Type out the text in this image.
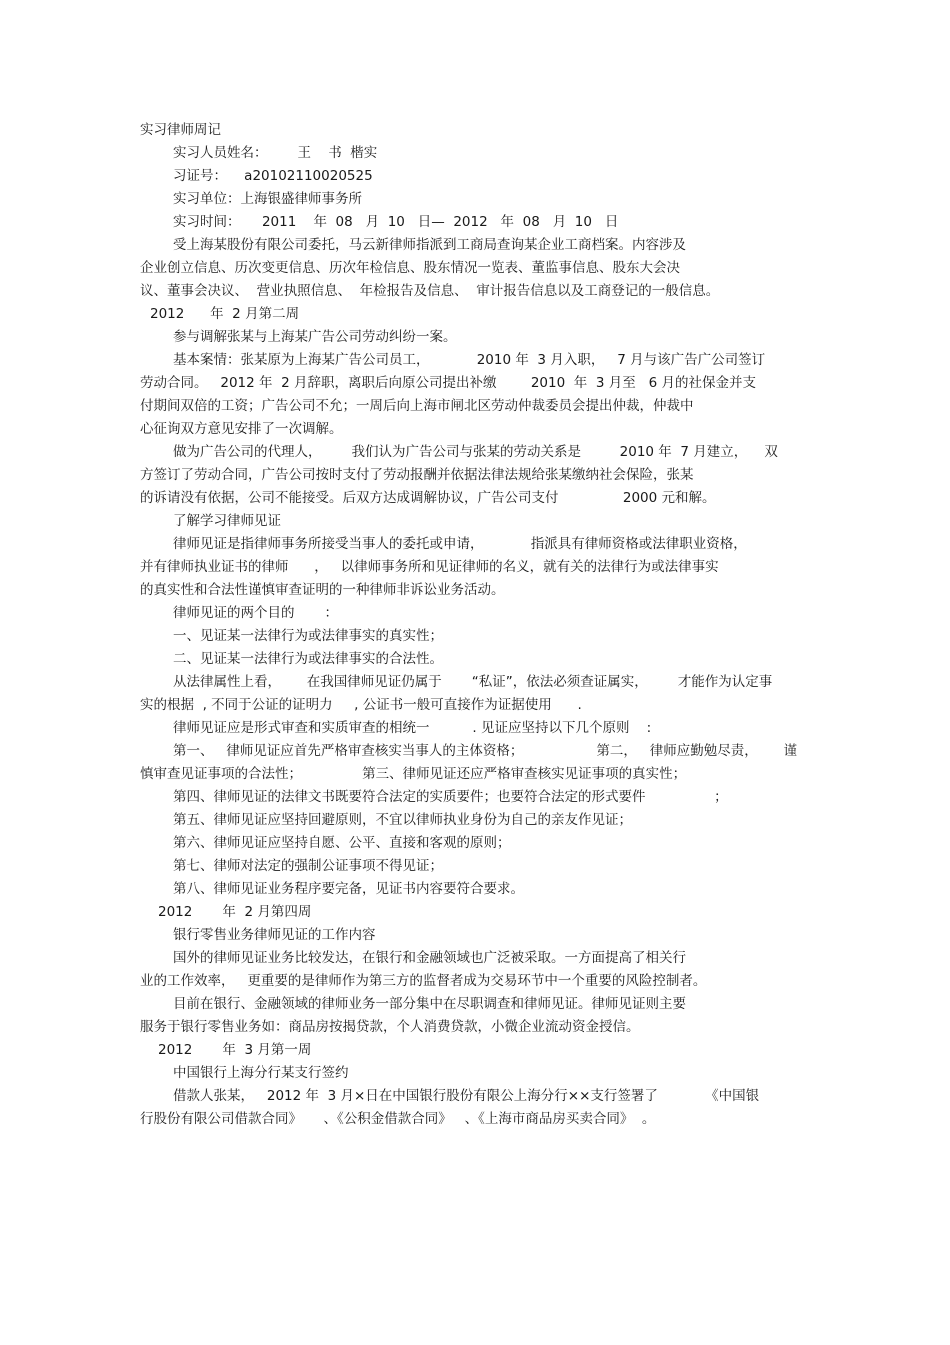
实习律师周记
实习人员姓名：       王    书  楷实
习证号：    a20102110020525
实习单位：上海银盛律师事务所
实习时间：     2011    年  08   月  10   日—  2012   年  08   月  10   日
受上海某股份有限公司委托，马云新律师指派到工商局查询某企业工商档案。内容涉及
企业创立信息、历次变更信息、历次年检信息、股东情况一览表、董监事信息、股东大会决
议、董事会决议、  营业执照信息、  年检报告及信息、  审计报告信息以及工商登记的一般信息。
2012      年  2 月第二周
参与调解张某与上海某广告公司劳动纠纷一案。
基本案情：张某原为上海某广告公司员工，           2010 年  3 月入职，   7 月与该广告广公司签订
劳动合同。   2012 年  2 月辞职，离职后向原公司提出补缴        2010  年  3 月至   6 月的社保金并支
付期间双倍的工资；广告公司不允；一周后向上海市闸北区劳动仲裁委员会提出仲裁，仲裁中
心征询双方意见安排了一次调解。
做为广告公司的代理人，       我们认为广告公司与张某的劳动关系是         2010 年  7 月建立，    双
方签订了劳动合同，广告公司按时支付了劳动报酬并依据法律法规给张某缴纳社会保险，张某
的诉请没有依据，公司不能接受。后双方达成调解协议，广告公司支付               2000 元和解。
了解学习律师见证
律师见证是指律师事务所接受当事人的委托或申请，           指派具有律师资格或法律职业资格，
并有律师执业证书的律师      ，   以律师事务所和见证律师的名义，就有关的法律行为或法律事实
的真实性和合法性谨慎审查证明的一种律师非诉讼业务活动。
律师见证的两个目的       ：
一、见证某一法律行为或法律事实的真实性；
二、见证某一法律行为或法律事实的合法性。
从法律属性上看，      在我国律师见证仍属于       “私证”，依法必须查证属实，       才能作为认定事
实的根据  , 不同于公证的证明力     , 公证书一般可直接作为证据使用      .
律师见证应是形式审查和实质审查的相统一          . 见证应坚持以下几个原则    :
第一、   律师见证应首先严格审查核实当事人的主体资格；                 第二，   律师应勤勉尽责，      谨
慎审查见证事项的合法性；              第三、律师见证还应严格审查核实见证事项的真实性；
第四、律师见证的法律文书既要符合法定的实质要件；也要符合法定的形式要件                ；
第五、律师见证应坚持回避原则，不宜以律师执业身份为自己的亲友作见证；
第六、律师见证应坚持自愿、公平、直接和客观的原则；
第七、律师对法定的强制公证事项不得见证；
第八、律师见证业务程序要完备，见证书内容要符合要求。
2012       年  2 月第四周
银行零售业务律师见证的工作内容
国外的律师见证业务比较发达，在银行和金融领域也广泛被采取。一方面提高了相关行
业的工作效率，   更重要的是律师作为第三方的监督者成为交易环节中一个重要的风险控制者。
目前在银行、金融领域的律师业务一部分集中在尽职调查和律师见证。律师见证则主要
服务于银行零售业务如：商品房按揭贷款，个人消费贷款，小微企业流动资金授信。
2012       年  3 月第一周
中国银行上海分行某支行签约
借款人张某，   2012 年  3 月×日在中国银行股份有限公上海分行××支行签署了           《中国银
行股份有限公司借款合同》     、《公积金借款合同》   、《上海市商品房买卖合同》  。
